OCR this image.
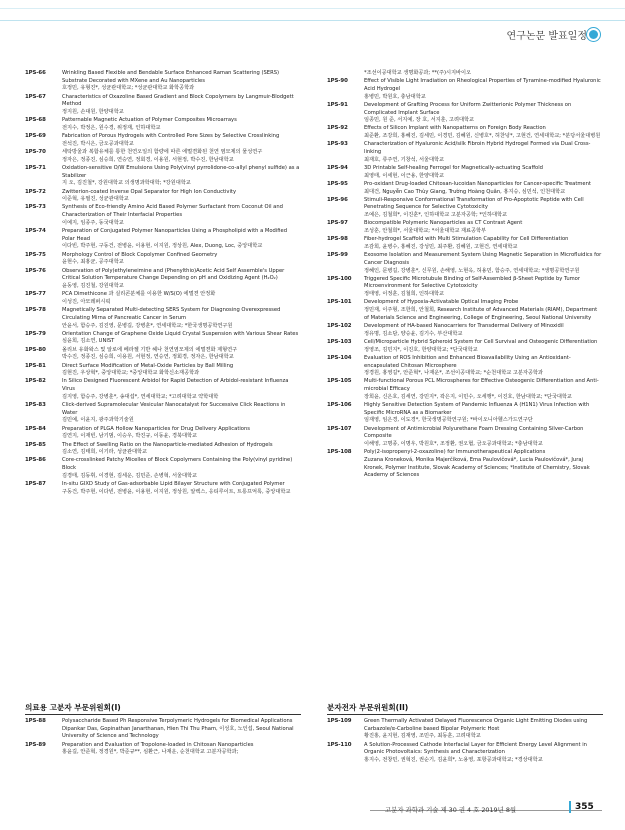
연구논문 발표일정
1PS-66	Wrinkling Based Flexible and Bendable Surface Enhanced Raman Scattering (SERS) Substrate Decorated with MXene and Au Nanoparticles
호정민, 유형진*, 성균관대학교; *성균관대학교 화학공학과
1PS-67	Characteristics of Oxazoline Based Gradient and Block Copolymers by Langmuir-Blodgett Method
정지원, 손대원, 한양대학교
1PS-68	Patternable Magnetic Actuation of Polymer Composites Microarrays
전지수, 박정은, 원수경, 위정재, 인하대학교
1PS-69	Fabrication of Porous Hydrogels with Controlled Pore Sizes by Selective Crosslinking
전석진, 박시은, 금오공과대학교
1PS-70	세탁방울과 복합유체를 통한 천연오일의 함량에 따른 에멀젼화된 천연 염모제의 물성연구
정자은, 정종진, 심승희, 연승연, 정회경, 이용원, 서현정, 박수진, 한남대학교
1PS-71	Oxidation-sensitive O/W Emulsions Using Poly(vinyl pyrrolidone-co-allyl phenyl sulfide) as a Stabilizer
지 오, 김진철*, 강원대학교 의생명과학대학; *강원대학교
1PS-72	Zwitterion-coated Inverse Opal Separator for High Ion Conductivity
이준혁, 유필진, 성균관대학교
1PS-73	Synthesis of Eco-friendly Amino Acid Based Polymer Surfactant from Coconut Oil and Characterization of Their Interfacial Properties
이예지, 임종주, 동국대학교
1PS-74	Preparation of Conjugated Polymer Nanoparticles Using a Phospholipid with a Modified Polar Head
이다빈, 박주현, 구동건, 전병윤, 이용현, 이지원, 정상원, Alex, Duong, Loc, 중앙대학교
1PS-75	Morphology Control of Block Copolymer Confined Geometry
윤현수, 최홍균, 공주대학교
1PS-76	Observation of Poly(ethyleneimine and (Phenylthio)Acetic Acid Self Assemble's Upper Critical Solution Temperature Change Depending on pH and Oxidizing Agent (H₂O₂)
윤동영, 김진철, 강원대학교
1PS-77	PCA Dimethicone 과 실리콘분체를 이용한 W/S(O) 에멀젼 안정화
이성진, 아모레퍼시픽
1PS-78	Magnetically Separated Multi-detecting SERS System for Diagnosing Overexpressed Circulating Mirna of Pancreatic Cancer in Serum
안윤서, 함승주, 김진영, 문병길, 강병훈*, 연세대학교; *한국생명공학연구원
1PS-79	Orientation Change of Graphene Oxide Liquid Crystal Suspension with Various Shear Rates
심윤희, 김소연, UNIST
1PS-80	올리브 유화왁스 및 알로에 베라젤 기반 헤나 천연염모제의 에멀젼화 제형연구
박수진, 정종진, 심승희, 이용원, 서현정, 연승연, 정회경, 정자은, 한남대학교
1PS-81	Direct Surface Modification of Metal-Oxide Particles by Ball Milling
김현진, 우상혁*, 중앙대학교; *중앙대학교 화학신소재공학과
1PS-82	In Silico Designed Fluorescent Arbidol for Rapid Detection of Arbidol-resistant Influenza Virus
김지영, 함승주, 강병훈*, 송대섭*, 연세대학교; *고려대학교 약학대학
1PS-83	Click-derived Supramolecular Vesicular Nanocatalyst for Successive Click Reactions in Water
김민예, 이윤지, 광주과학기술원
1PS-84	Preparation of PLGA Hollow Nanoparticles for Drug Delivery Applications
김연지, 이재빈, 남기범, 이승우, 박진규, 이동윤, 경북대학교
1PS-85	The Effect of Swelling Ratio on the Nanoparticle-mediated Adhesion of Hydrogels
김소연, 김태희, 이기라, 성균관대학교
1PS-86	Core-crosslinked Patchy Micelles of Block Copolymers Containing the Poly(vinyl pyridine) Block
김경태, 김동휘, 이경현, 김세운, 김민준, 손병혁, 서울대학교
1PS-87	In-situ GIXD Study of Gas-adsorbable Lipid Bilayer Structure with Conjugated Polymer
구동건, 박주현, 이다빈, 전병윤, 이용현, 이지원, 정상원, 알렉스, 응티루이트, 트롱프억록, 중앙대학교
*조선이공대학교 생명화공과; **(주)시지바이오
1PS-90	Effect of Visible Light Irradiation on Rheological Properties of Tyramine-modified Hyaluronic Acid Hydrogel
홍병민, 박원호, 충남대학교
1PS-91	Development of Grafting Process for Uniform Zwitterionic Polymer Thickness on Complicated Implant Surface
임종민, 원 준, 서지예, 장 호, 서지훈, 고려대학교
1PS-92	Effects of Silicon Implant with Nanopatterns on Foreign Body Reaction
최준환, 조강희, 홍혜진, 김세민, 이경민, 김혜원, 신병호*, 허찬녕*, 고현건, 연세대학교; *분당서울대병원
1PS-93	Characterization of Hyaluronic Acid/silk Fibroin Hybrid Hydrogel Formed via Dual Cross-linking
최재호, 류주연, 기창석, 서울대학교
1PS-94	3D Printable Self-healing Ferrogel for Magnetically-actuating Scaffold
최영태, 이세현, 이근용, 한양대학교
1PS-95	Pro-oxidant Drug-loaded Chitosan-lucoidan Nanoparticles for Cancer-specific Treatment
최대건, Nguyễn Cao Thùy Giang, Trường Hoàng Quân, 홍지승, 심민석, 인천대학교
1PS-96	Stimuli-Responsive Conformational Transformation of Pro-Apoptotic Peptide with Cell Penetrating Sequence for Selective Cytotoxicity
조예은, 김철희*, 이진훈*, 인하대학교 고분자공학; *인하대학교
1PS-97	Biocompatible Polymeric Nanoparticles as CT Contrast Agent
조성훈, 안철희*, 서울대학교; *서울대학교 재료공학부
1PS-98	Fiber-hydrogel Scaffold with Multi Stimulation Capability for Cell Differentiation
조감희, 윤병수, 홍혜진, 강성민, 최주환, 김혜원, 고현건, 연세대학교
1PS-99	Exosome Isolation and Measurement System Using Magnetic Separation in Microfluidics for Cancer Diagnosis
정혜인, 문병길, 강병훈*, 신무원, 손해영, 노현옥, 허용민, 함승주, 연세대학교; *생명공학연구원
1PS-100 Triggered Specific Microtubule Binding of Self-Assembled β-Sheet Peptide by Tumor Microenvironment for Selective Cytotoxicity
정태영, 이정훈, 김철희, 인하대학교
1PS-101 Development of Hypoxia-Activatable Optical Imaging Probe
정민재, 이주형, 조한희, 안철희, Research Institute of Advanced Materials (RIAM), Department of Materials Science and Engineering, College of Engineering, Seoul National University
1PS-102 Development of HA-based Nanocarriers for Transdermal Delivery of Minoxidil
정유명, 김소담, 양승윤, 김기수, 부산대학교
1PS-103 Cell/Microparticle Hybrid Spheroid System for Cell Survival and Osteogenic Differentiation
정영조, 김민지*, 이진호, 한양대학교; *단국대학교
1PS-104 Evaluation of ROS Inhibition and Enhanced Bioavailability Using an Antioxidant-encapsulated Chitosan Microsphere
정경원, 홍영길*, 안준혁*, 나재운*, 조선이공대학교; *순천대학교 고분자공학과
1PS-105 Multi-functional Porous PCL Microspheres for Effective Osteogenic Differentiation and Anti-microbial Efficacy
장희윤, 신은호, 김세연, 강민지*, 곽은지, 이민수, 오세행*, 이진호, 한남대학교; *단국대학교
1PS-106 Highly Sensitive Detection System of Pandemic Influenza A (H1N1) Virus Infection with Specific MicroRNA as a Biomarker
임재영, 임은경, 이도경*, 한국생명공학연구원; *바이오니아헬스가드연구단
1PS-107 Development of Antimicrobial Polyurethane Foam Dressing Containing Silver-Carbon Composite
이해영, 고명종, 이명우, 박원호*, 조정환, 권오협, 금오공과대학교; *충남대학교
1PS-108 Poly(2-isopropenyl-2-oxazoline) for Immunotherapeutical Applications
Zuzana Kroneková, Monika Majerčíková, Ema Paulovičová*, Lucia Paulovičová*, Juraj Kronek, Polymer Institute, Slovak Academy of Sciences; *Institute of Chemistry, Slovak Academy of Sciences
의료용 고분자 부문위원회(I)
1PS-88	Polysaccharide Based Ph Responsive Terpolymeric Hydrogels for Biomedical Applications
Dipankar Das, Gopinathan Janarthanan, Hien Thi Thu Pham, 이성호, 노인섭, Seoul National University of Science and Technology
1PS-89	Preparation and Evaluation of Tropolone-loaded in Chitosan Nanoparticles
홍윤길, 안준혁, 정경원*, 박준규**, 심환근, 나재운, 순천대학교 고분자공학과;
분자전자 부문위원회(II)
1PS-109 Green Thermally Activated Delayed Fluorescence Organic Light Emitting Diodes using Carbazole/α-Carboline based Bipolar Polymeric Host
황진홍, 윤지현, 김재영, 조민주, 최동훈, 고려대학교
1PS-110 A Solution-Processed Cathode Interfacial Layer for Efficient Energy Level Alignment in Organic Photovoltaics: Synthesis and Characterization
홍지수, 전창민, 권혁진, 권순기, 김윤희*, 노용영, 포항공과대학교; *경상대학교
고분자 과학과 기술 제 30 권 4 호 2019년 8월	355
